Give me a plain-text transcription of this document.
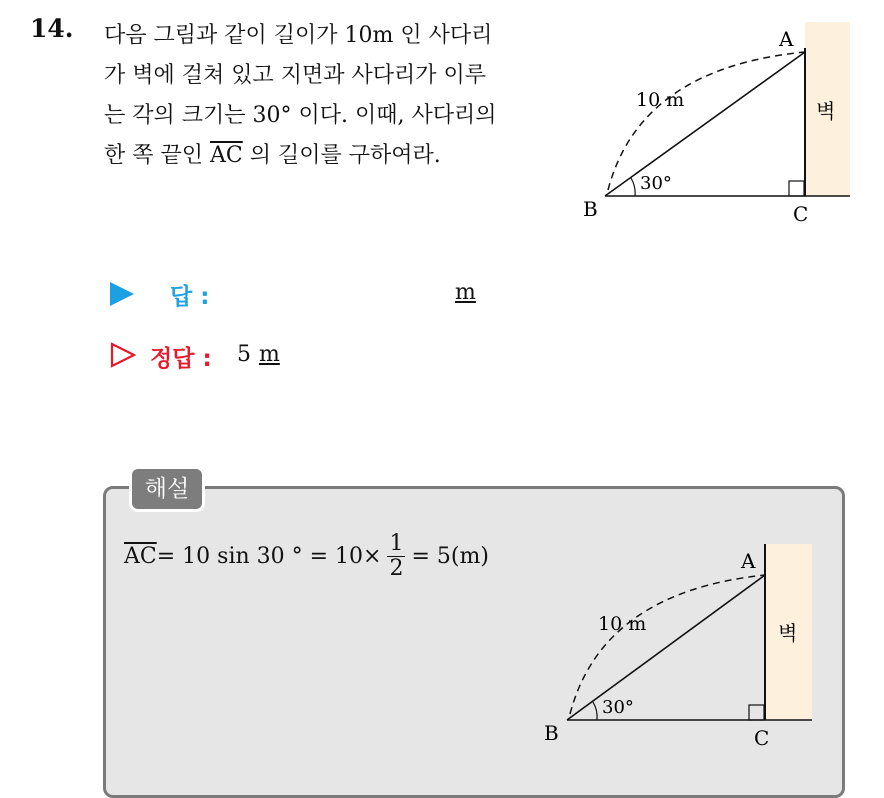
14. 다음 그림과 같이 길이가 10m 인 사다리
가 벽에 걸쳐 있고 지면과 사다리가 이루
는 각의 크기는 30° 이다. 이때, 사다리의
한 쪽 끝인 $\overline{AC}$ 의 길이를 구하여라.
A
B	C
10 m
30°
벽
답 :	m
정답 : 5 m
해설
$\overline{AC}= 10$ sin 30 ° = $10\times \frac{1}{2} = 5(m)$	A
B	C
10 m
30°
벽
